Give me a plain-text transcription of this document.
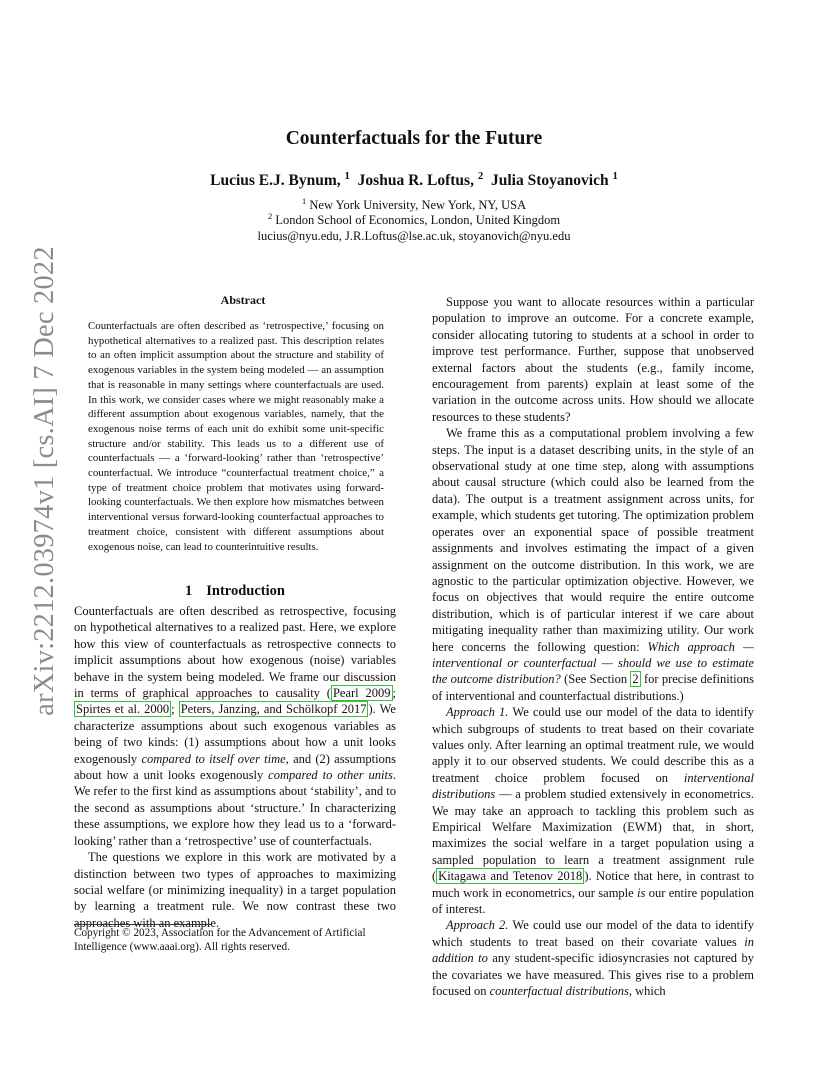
arXiv:2212.03974v1 [cs.AI] 7 Dec 2022
Counterfactuals for the Future
Lucius E.J. Bynum, $^1$ Joshua R. Loftus, $^2$ Julia Stoyanovich $^1$
$^1$ New York University, New York, NY, USA
$^2$ London School of Economics, London, United Kingdom
lucius@nyu.edu, J.R.Loftus@lse.ac.uk, stoyanovich@nyu.edu
Abstract

Counterfactuals are often described as ‘retrospective,’ focusing on hypothetical alternatives to a realized past. This description relates to an often implicit assumption about the structure and stability of exogenous variables in the system being modeled — an assumption that is reasonable in many settings where counterfactuals are used. In this work, we consider cases where we might reasonably make a different assumption about exogenous variables, namely, that the exogenous noise terms of each unit do exhibit some unit-specific structure and/or stability. This leads us to a different use of counterfactuals — a ‘forward-looking’ rather than ‘retrospective’ counterfactual. We introduce “counterfactual treatment choice,” a type of treatment choice problem that motivates using forward-looking counterfactuals. We then explore how mismatches between interventional versus forward-looking counterfactual approaches to treatment choice, consistent with different assumptions about exogenous noise, can lead to counterintuitive results.

1 Introduction

Counterfactuals are often described as retrospective, focusing on hypothetical alternatives to a realized past. Here, we explore how this view of counterfactuals as retrospective connects to implicit assumptions about how exogenous (noise) variables behave in the system being modeled. We frame our discussion in terms of graphical approaches to causality ( Pearl 2009 ; Spirtes et al. 2000 ; Peters, Janzing, and Schölkopf 2017 ). We characterize assumptions about such exogenous variables as being of two kinds: (1) assumptions about how a unit looks exogenously compared to itself over time, and (2) assumptions about how a unit looks exogenously compared to other units. We refer to the first kind as assumptions about ‘stability’, and to the second as assumptions about ‘structure.’ In characterizing these assumptions, we explore how they lead us to a ‘forward-looking’ rather than a ‘retrospective’ use of counterfactuals.

The questions we explore in this work are motivated by a distinction between two types of approaches to maximizing social welfare (or minimizing inequality) in a target population by learning a treatment rule. We now contrast these two approaches with an example.

Copyright © 2023, Association for the Advancement of Artificial Intelligence (www.aaai.org). All rights reserved.

Suppose you want to allocate resources within a particular population to improve an outcome. For a concrete example, consider allocating tutoring to students at a school in order to improve test performance. Further, suppose that unobserved external factors about the students (e.g., family income, encouragement from parents) explain at least some of the variation in the outcome across units. How should we allocate resources to these students?

We frame this as a computational problem involving a few steps. The input is a dataset describing units, in the style of an observational study at one time step, along with assumptions about causal structure (which could also be learned from the data). The output is a treatment assignment across units, for example, which students get tutoring. The optimization problem operates over an exponential space of possible treatment assignments and involves estimating the impact of a given assignment on the outcome distribution. In this work, we are agnostic to the particular optimization objective. However, we focus on objectives that would require the entire outcome distribution, which is of particular interest if we care about mitigating inequality rather than maximizing utility. Our work here concerns the following question: Which approach — interventional or counterfactual — should we use to estimate the outcome distribution? (See Section 2 for precise definitions of interventional and counterfactual distributions.)

Approach 1. We could use our model of the data to identify which subgroups of students to treat based on their covariate values only. After learning an optimal treatment rule, we would apply it to our observed students. We could describe this as a treatment choice problem focused on interventional distributions — a problem studied extensively in econometrics. We may take an approach to tackling this problem such as Empirical Welfare Maximization (EWM) that, in short, maximizes the social welfare in a target population using a sampled population to learn a treatment assignment rule ( Kitagawa and Tetenov 2018 ). Notice that here, in contrast to much work in econometrics, our sample is our entire population of interest.

Approach 2. We could use our model of the data to identify which students to treat based on their covariate values in addition to any student-specific idiosyncrasies not captured by the covariates we have measured. This gives rise to a problem focused on counterfactual distributions, which
